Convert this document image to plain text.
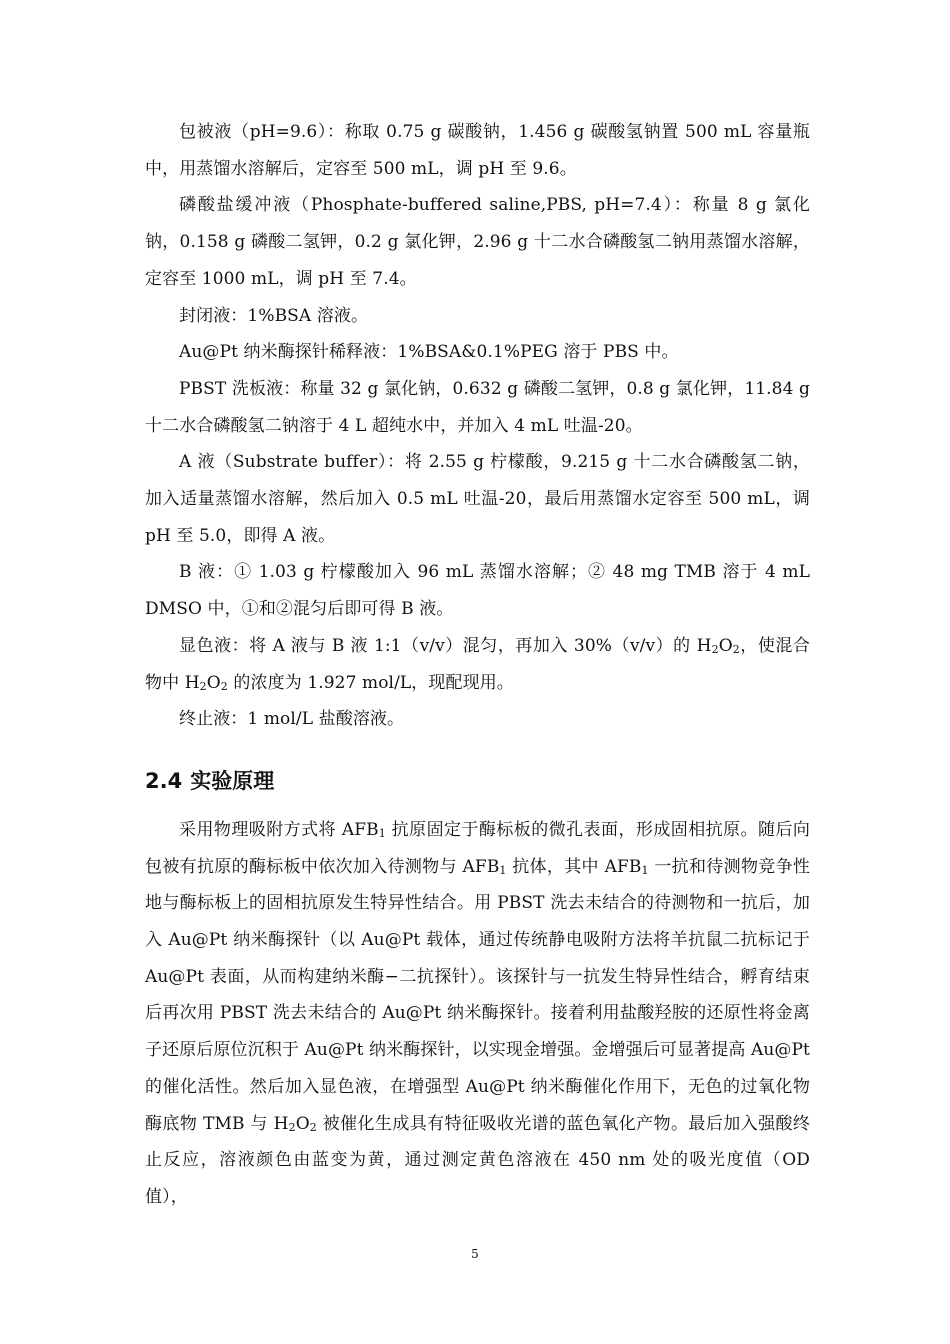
包被液（pH=9.6）：称取 0.75 g 碳酸钠，1.456 g 碳酸氢钠置 500 mL 容量瓶中，用蒸馏水溶解后，定容至 500 mL，调 pH 至 9.6。

磷酸盐缓冲液（Phosphate-buffered saline,PBS, pH=7.4）：称量 8 g 氯化钠，0.158 g 磷酸二氢钾，0.2 g 氯化钾，2.96 g 十二水合磷酸氢二钠用蒸馏水溶解，定容至 1000 mL，调 pH 至 7.4。

封闭液：1%BSA 溶液。

Au@Pt 纳米酶探针稀释液：1%BSA&0.1%PEG 溶于 PBS 中。

PBST 洗板液：称量 32 g 氯化钠，0.632 g 磷酸二氢钾，0.8 g 氯化钾，11.84 g 十二水合磷酸氢二钠溶于 4 L 超纯水中，并加入 4 mL 吐温-20。

A 液（Substrate buffer）：将 2.55 g 柠檬酸，9.215 g 十二水合磷酸氢二钠，加入适量蒸馏水溶解，然后加入 0.5 mL 吐温-20，最后用蒸馏水定容至 500 mL，调 pH 至 5.0，即得 A 液。

B 液：① 1.03 g 柠檬酸加入 96 mL 蒸馏水溶解；② 48 mg TMB 溶于 4 mL DMSO 中，①和②混匀后即可得 B 液。

显色液：将 A 液与 B 液 1:1（v/v）混匀，再加入 30%（v/v）的 $H_2O_2$，使混合物中 $H_2O_2$ 的浓度为 1.927 mol/L，现配现用。

终止液：1 mol/L 盐酸溶液。

2.4 实验原理

采用物理吸附方式将 $AFB_1$ 抗原固定于酶标板的微孔表面，形成固相抗原。随后向包被有抗原的酶标板中依次加入待测物与 $AFB_1$ 抗体，其中 $AFB_1$ 一抗和待测物竞争性地与酶标板上的固相抗原发生特异性结合。用 PBST 洗去未结合的待测物和一抗后，加入 Au@Pt 纳米酶探针（以 Au@Pt 载体，通过传统静电吸附方法将羊抗鼠二抗标记于 Au@Pt 表面，从而构建纳米酶−二抗探针）。该探针与一抗发生特异性结合，孵育结束后再次用 PBST 洗去未结合的 Au@Pt 纳米酶探针。接着利用盐酸羟胺的还原性将金离子还原后原位沉积于 Au@Pt 纳米酶探针，以实现金增强。金增强后可显著提高 Au@Pt 的催化活性。然后加入显色液，在增强型 Au@Pt 纳米酶催化作用下，无色的过氧化物酶底物 TMB 与 $H_2O_2$ 被催化生成具有特征吸收光谱的蓝色氧化产物。最后加入强酸终止反应，溶液颜色由蓝变为黄，通过测定黄色溶液在 450 nm 处的吸光度值（OD 值），

5
